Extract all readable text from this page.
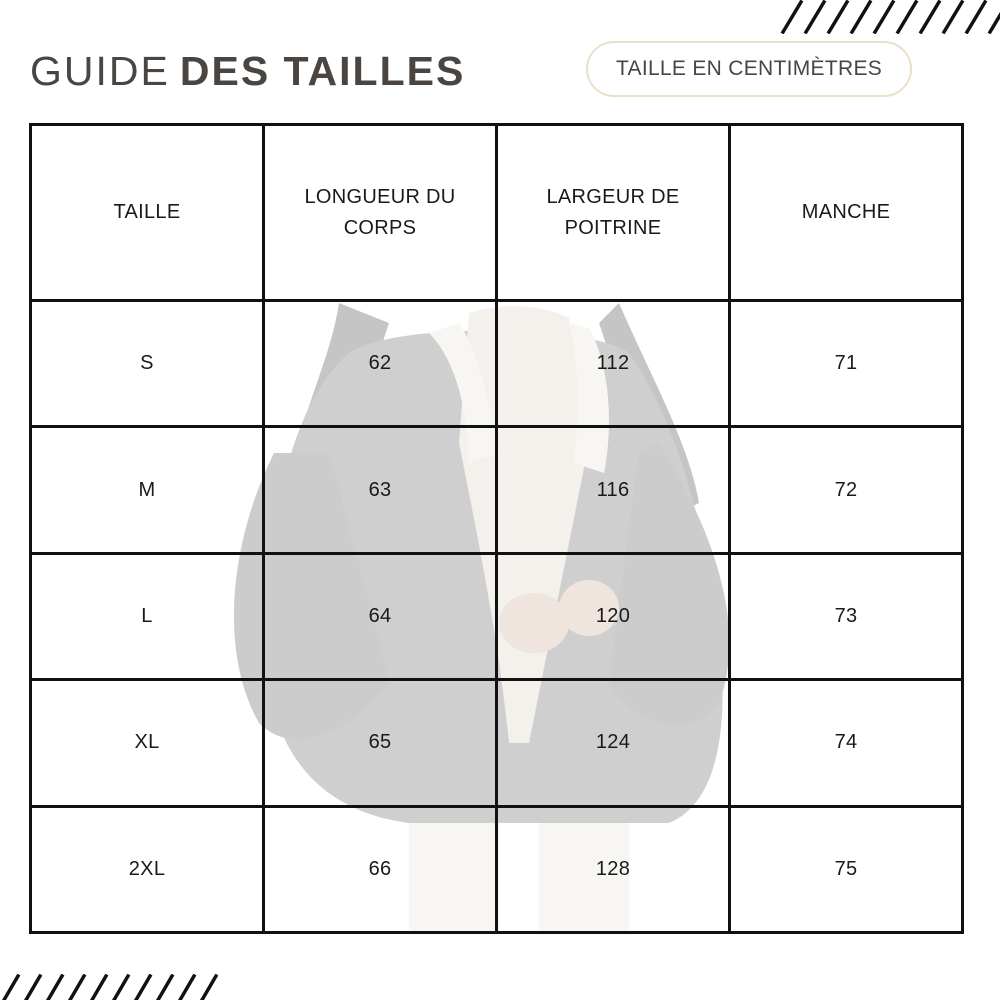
GUIDE DES TAILLES	TAILLE EN CENTIMÈTRES
TAILLE	LONGUEUR DU CORPS	LARGEUR DE POITRINE	MANCHE
S	62	112	71
M	63	116	72
L	64	120	73
XL	65	124	74
2XL	66	128	75
